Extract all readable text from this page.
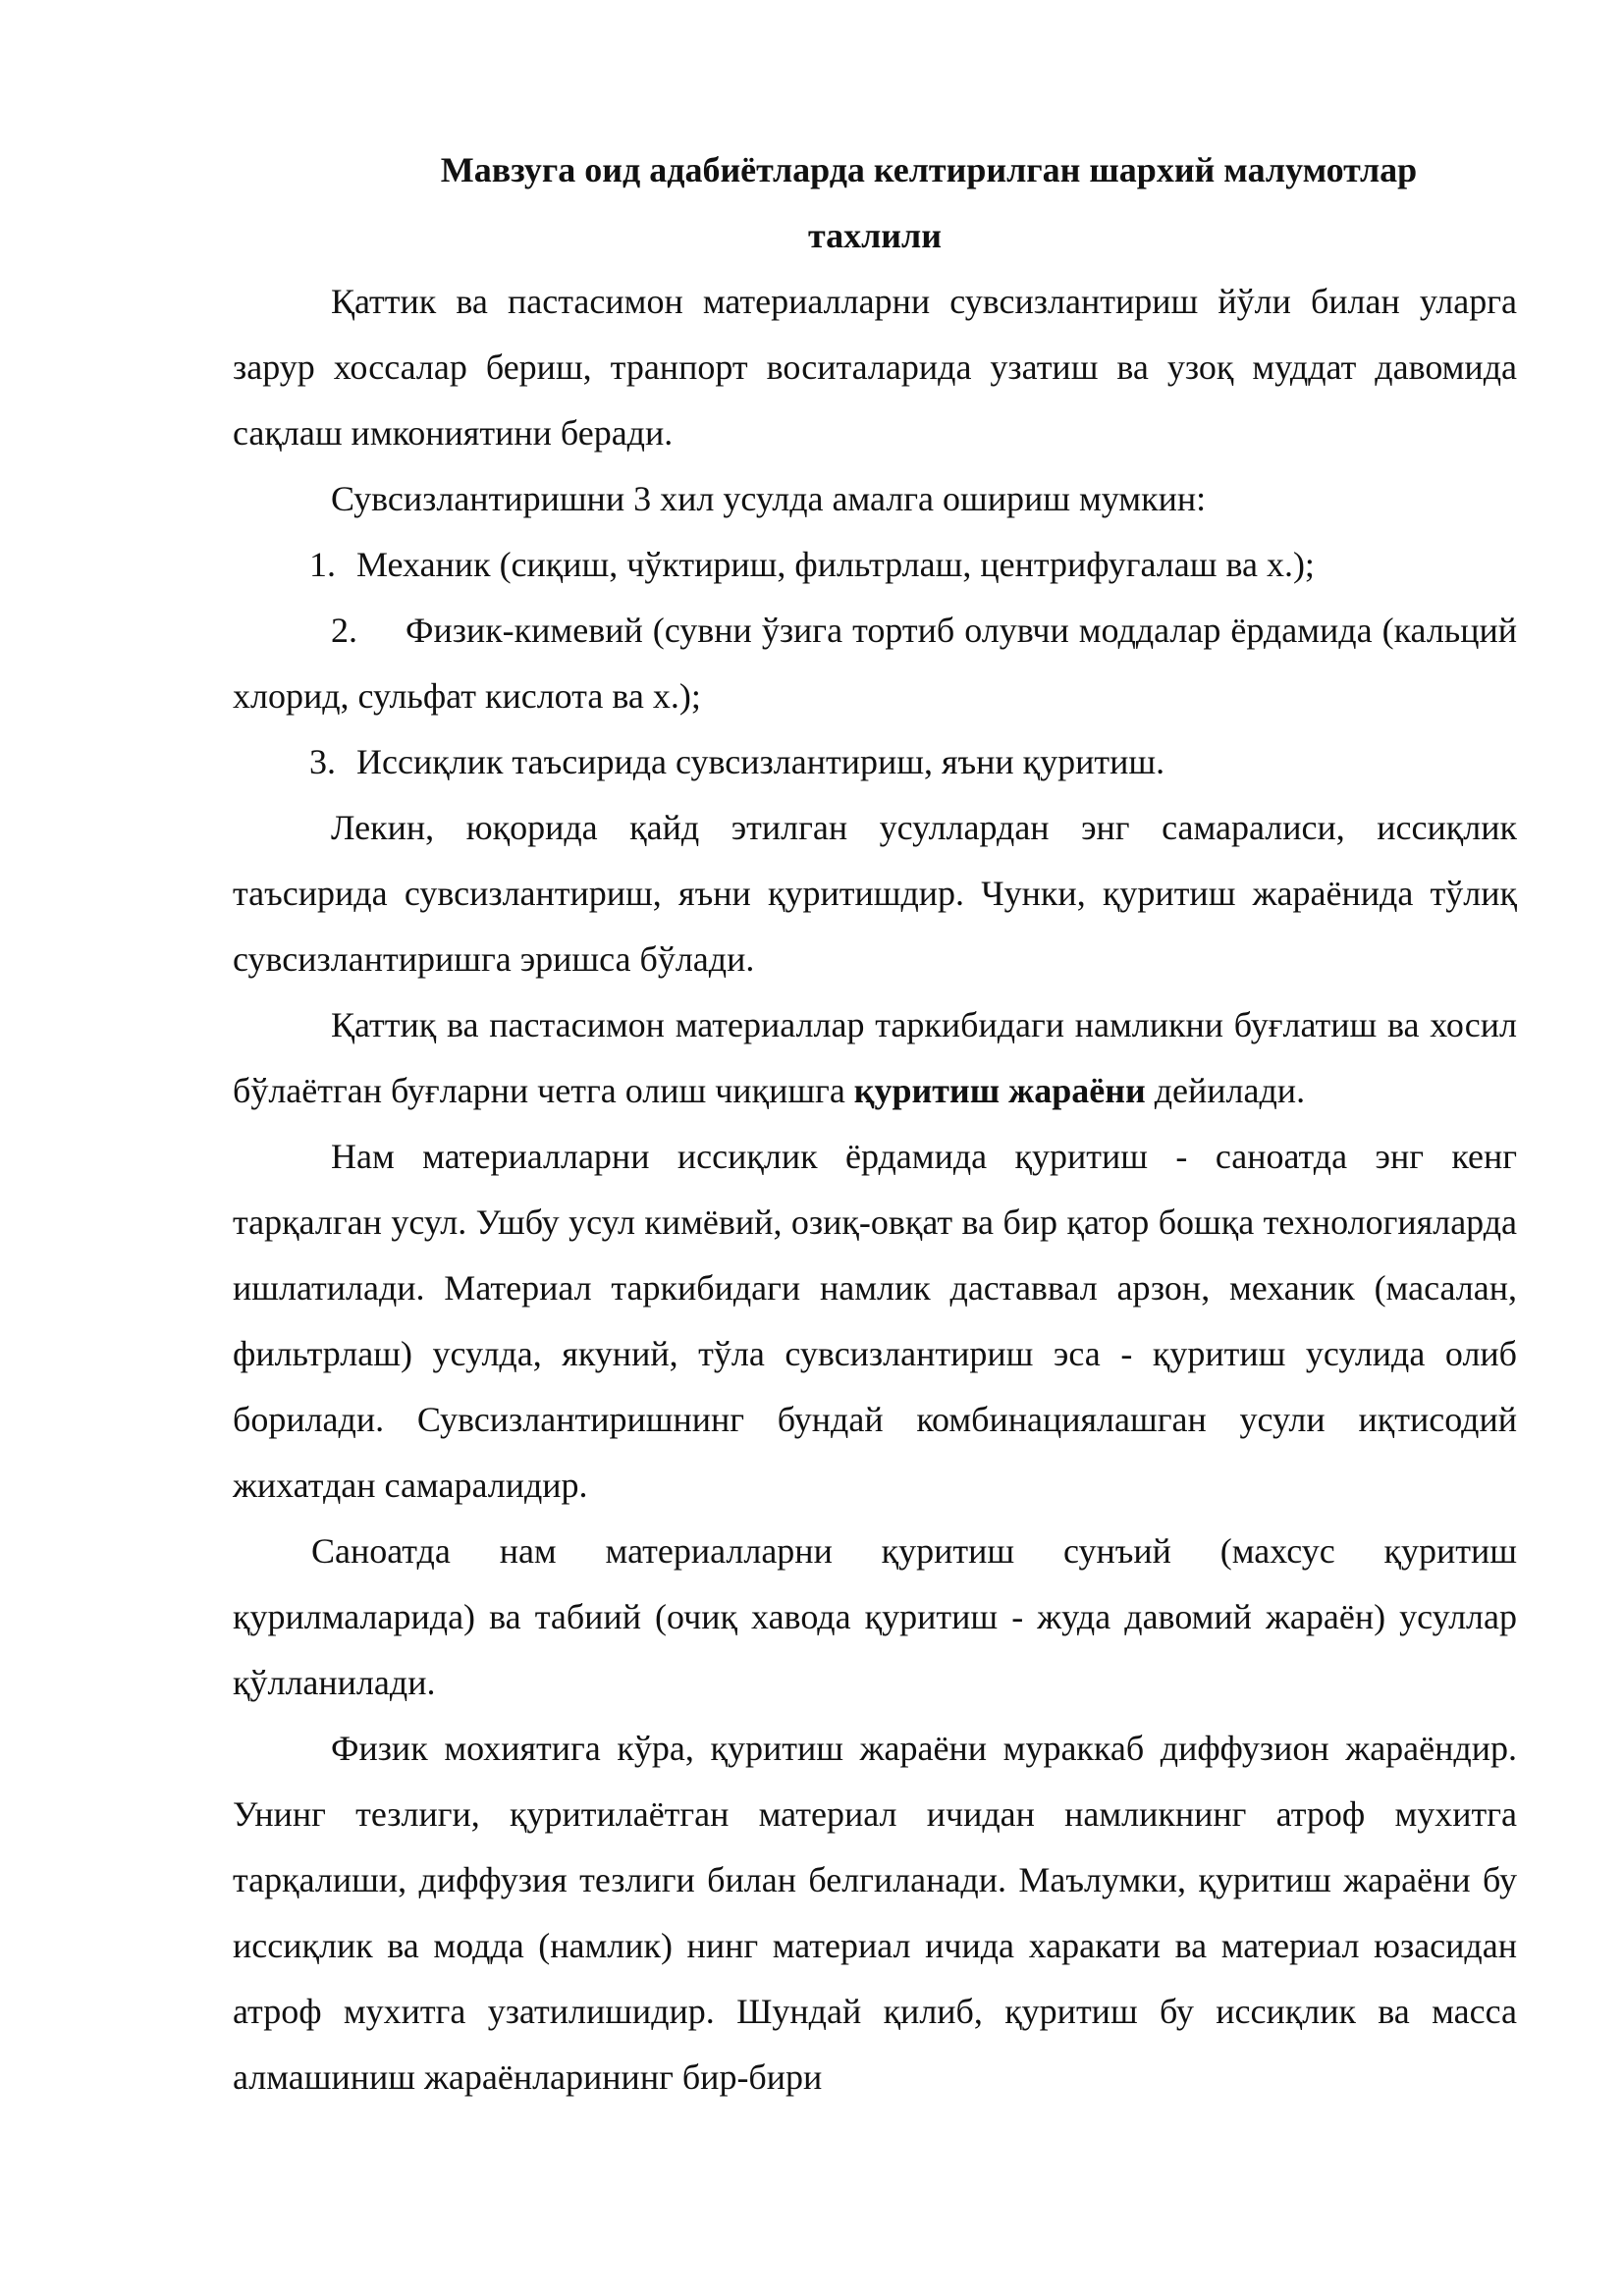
Мавзуга оид адабиётларда келтирилган шархий малумотлар
тахлили

Қаттик ва пастасимон материалларни сувсизлантириш йўли билан уларга зарур хоссалар бериш, транпорт воситаларида узатиш ва узоқ муддат давомида сақлаш имкониятини беради.

Сувсизлантиришни 3 хил усулда амалга ошириш мумкин:

1. Механик (сиқиш, чўктириш, фильтрлаш, центрифугалаш ва х.);

2. Физик-кимевий (сувни ўзига тортиб олувчи моддалар ёрдамида (кальций хлорид, сульфат кислота ва х.);

3. Иссиқлик таъсирида сувсизлантириш, яъни қуритиш.

Лекин, юқорида қайд этилган усуллардан энг самаралиси, иссиқлик таъсирида сувсизлантириш, яъни қуритишдир. Чунки, қуритиш жараёнида тўлиқ сувсизлантиришга эришса бўлади.

Қаттиқ ва пастасимон материаллар таркибидаги намликни буғлатиш ва хосил бўлаётган буғларни четга олиш чиқишга қуритиш жараёни дейилади.

Нам материалларни иссиқлик ёрдамида қуритиш - саноатда энг кенг тарқалган усул. Ушбу усул кимёвий, озиқ-овқат ва бир қатор бошқа технологияларда ишлатилади. Материал таркибидаги намлик даставвал арзон, механик (масалан, фильтрлаш) усулда, якуний, тўла сувсизлантириш эса - қуритиш усулида олиб борилади. Сувсизлантиришнинг бундай комбинациялашган усули иқтисодий жихатдан самаралидир.

Саноатда нам материалларни қуритиш сунъий (махсус қуритиш қурилмаларида) ва табиий (очиқ хавода қуритиш - жуда давомий жараён) усуллар қўлланилади.

Физик мохиятига кўра, қуритиш жараёни мураккаб диффузион жараёндир. Унинг тезлиги, қуритилаётган материал ичидан намликнинг атроф мухитга тарқалиши, диффузия тезлиги билан белгиланади. Маълумки, қуритиш жараёни бу иссиқлик ва модда (намлик) нинг материал ичида харакати ва материал юзасидан атроф мухитга узатилишидир. Шундай қилиб, қуритиш бу иссиқлик ва масса алмашиниш жараёнларининг бир-бири
